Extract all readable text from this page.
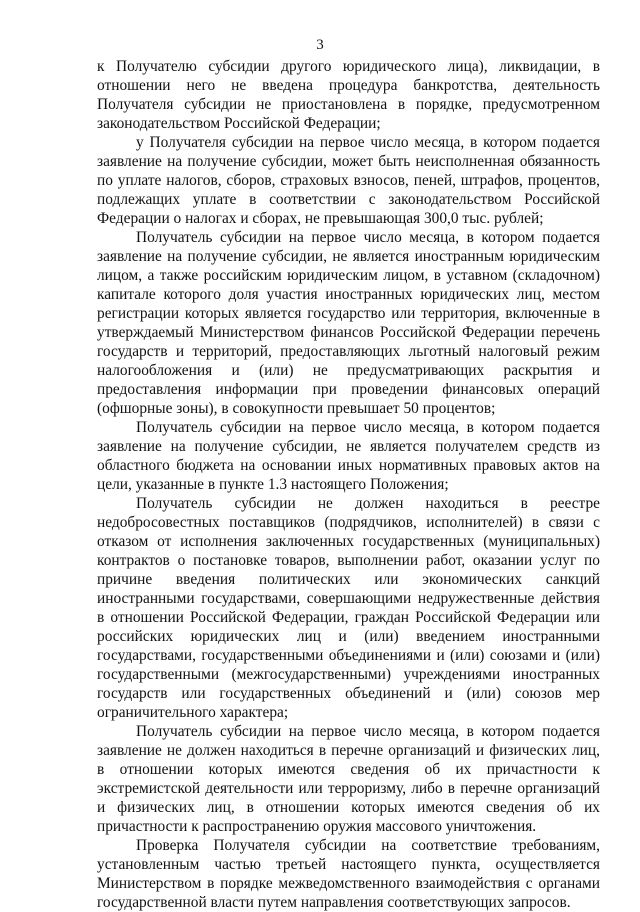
3

к Получателю субсидии другого юридического лица), ликвидации, в отношении него не введена процедура банкротства, деятельность Получателя субсидии не приостановлена в порядке, предусмотренном законодательством Российской Федерации;

у Получателя субсидии на первое число месяца, в котором подается заявление на получение субсидии, может быть неисполненная обязанность по уплате налогов, сборов, страховых взносов, пеней, штрафов, процентов, подлежащих уплате в соответствии с законодательством Российской Федерации о налогах и сборах, не превышающая 300,0 тыс. рублей;

Получатель субсидии на первое число месяца, в котором подается заявление на получение субсидии, не является иностранным юридическим лицом, а также российским юридическим лицом, в уставном (складочном) капитале которого доля участия иностранных юридических лиц, местом регистрации которых является государство или территория, включенные в утверждаемый Министерством финансов Российской Федерации перечень государств и территорий, предоставляющих льготный налоговый режим налогообложения и (или) не предусматривающих раскрытия и предоставления информации при проведении финансовых операций (офшорные зоны), в совокупности превышает 50 процентов;

Получатель субсидии на первое число месяца, в котором подается заявление на получение субсидии, не является получателем средств из областного бюджета на основании иных нормативных правовых актов на цели, указанные в пункте 1.3 настоящего Положения;

Получатель субсидии не должен находиться в реестре недобросовестных поставщиков (подрядчиков, исполнителей) в связи с отказом от исполнения заключенных государственных (муниципальных) контрактов о постановке товаров, выполнении работ, оказании услуг по причине введения политических или экономических санкций иностранными государствами, совершающими недружественные действия в отношении Российской Федерации, граждан Российской Федерации или российских юридических лиц и (или) введением иностранными государствами, государственными объединениями и (или) союзами и (или) государственными (межгосударственными) учреждениями иностранных государств или государственных объединений и (или) союзов мер ограничительного характера;

Получатель субсидии на первое число месяца, в котором подается заявление не должен находиться в перечне организаций и физических лиц, в отношении которых имеются сведения об их причастности к экстремистской деятельности или терроризму, либо в перечне организаций и физических лиц, в отношении которых имеются сведения об их причастности к распространению оружия массового уничтожения.

Проверка Получателя субсидии на соответствие требованиям, установленным частью третьей настоящего пункта, осуществляется Министерством в порядке межведомственного взаимодействия с органами государственной власти путем направления соответствующих запросов.
